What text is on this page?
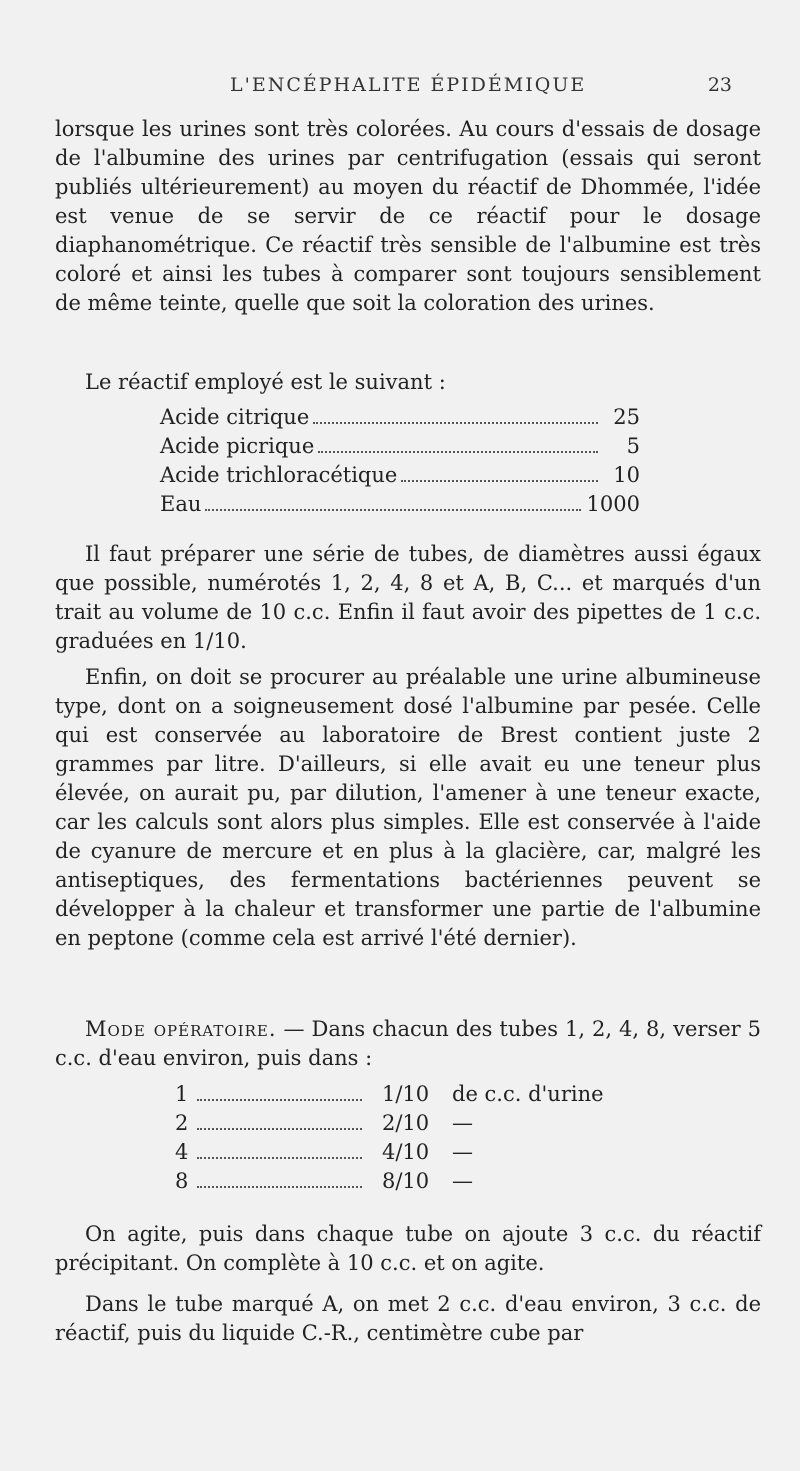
L'ENCÉPHALITE ÉPIDÉMIQUE	23

lorsque les urines sont très colorées. Au cours d'essais de dosage de l'albumine des urines par centrifugation (essais qui seront publiés ultérieurement) au moyen du réactif de Dhommée, l'idée est venue de se servir de ce réactif pour le dosage diaphanométrique. Ce réactif très sensible de l'albumine est très coloré et ainsi les tubes à comparer sont toujours sensiblement de même teinte, quelle que soit la coloration des urines.

Le réactif employé est le suivant :

Acide citrique	25
Acide picrique	5
Acide trichloracétique	10
Eau	1000

Il faut préparer une série de tubes, de diamètres aussi égaux que possible, numérotés 1, 2, 4, 8 et A, B, C... et marqués d'un trait au volume de 10 c.c. Enfin il faut avoir des pipettes de 1 c.c. graduées en 1/10.

Enfin, on doit se procurer au préalable une urine albumineuse type, dont on a soigneusement dosé l'albumine par pesée. Celle qui est conservée au laboratoire de Brest contient juste 2 grammes par litre. D'ailleurs, si elle avait eu une teneur plus élevée, on aurait pu, par dilution, l'amener à une teneur exacte, car les calculs sont alors plus simples. Elle est conservée à l'aide de cyanure de mercure et en plus à la glacière, car, malgré les antiseptiques, des fermentations bactériennes peuvent se développer à la chaleur et transformer une partie de l'albumine en peptone (comme cela est arrivé l'été dernier).

Mode opératoire. — Dans chacun des tubes 1, 2, 4, 8, verser 5 c.c. d'eau environ, puis dans :

1	1/10	de c.c. d'urine
2	2/10	—
4	4/10	—
8	8/10	—

On agite, puis dans chaque tube on ajoute 3 c.c. du réactif précipitant. On complète à 10 c.c. et on agite.

Dans le tube marqué A, on met 2 c.c. d'eau environ, 3 c.c. de réactif, puis du liquide C.-R., centimètre cube par
